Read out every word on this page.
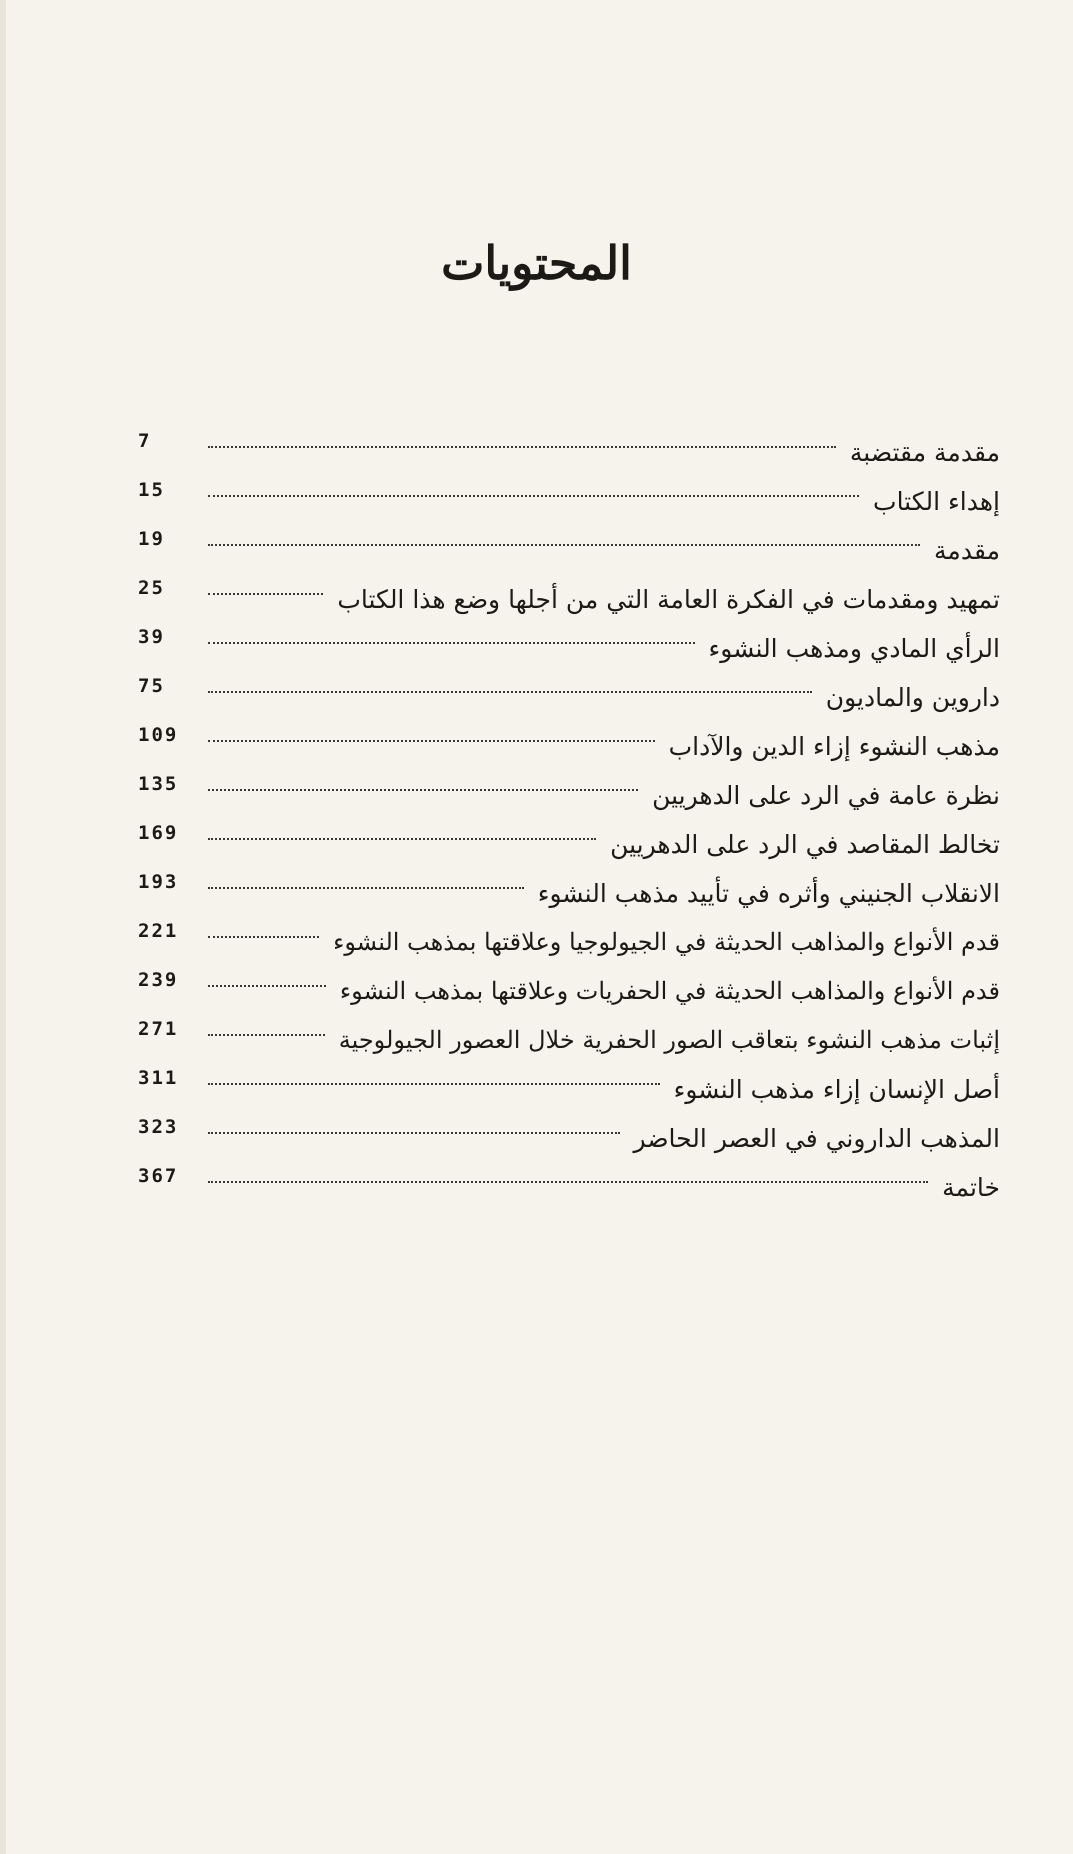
المحتويات
7	مقدمة مقتضبة
15	إهداء الكتاب
19	مقدمة
25	تمهيد ومقدمات في الفكرة العامة التي من أجلها وضع هذا الكتاب
39	الرأي المادي ومذهب النشوء
75	داروين والماديون
109	مذهب النشوء إزاء الدين والآداب
135	نظرة عامة في الرد على الدهريين
169	تخالط المقاصد في الرد على الدهريين
193	الانقلاب الجنيني وأثره في تأييد مذهب النشوء
221	قدم الأنواع والمذاهب الحديثة في الجيولوجيا وعلاقتها بمذهب النشوء
239	قدم الأنواع والمذاهب الحديثة في الحفريات وعلاقتها بمذهب النشوء
271	إثبات مذهب النشوء بتعاقب الصور الحفرية خلال العصور الجيولوجية
311	أصل الإنسان إزاء مذهب النشوء
323	المذهب الداروني في العصر الحاضر
367	خاتمة
